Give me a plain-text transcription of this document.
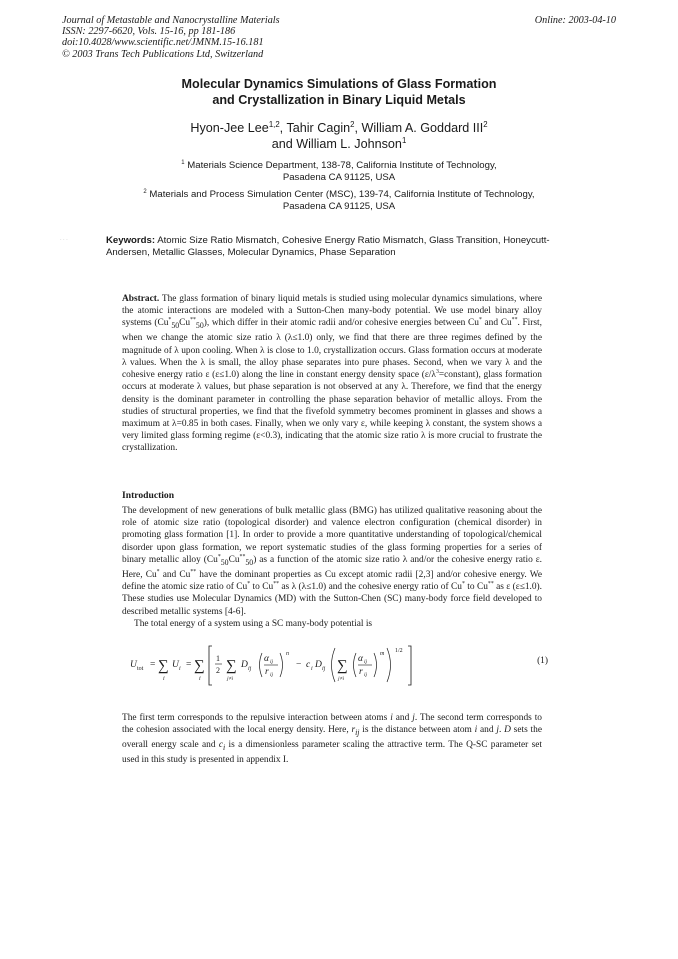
Journal of Metastable and Nanocrystalline Materials
ISSN: 2297-6620, Vols. 15-16, pp 181-186
doi:10.4028/www.scientific.net/JMNM.15-16.181
© 2003 Trans Tech Publications Ltd, Switzerland
Online: 2003-04-10
Molecular Dynamics Simulations of Glass Formation
and Crystallization in Binary Liquid Metals
Hyon-Jee Lee$^{1,2}$, Tahir Cagin$^2$, William A. Goddard III$^2$
and William L. Johnson$^1$
$^1$ Materials Science Department, 138-78, California Institute of Technology,
Pasadena CA 91125, USA
$^2$ Materials and Process Simulation Center (MSC), 139-74, California Institute of Technology,
Pasadena CA 91125, USA
· · ·	Keywords: Atomic Size Ratio Mismatch, Cohesive Energy Ratio Mismatch, Glass Transition, Honeycutt-Andersen, Metallic Glasses, Molecular Dynamics, Phase Separation
Abstract. The glass formation of binary liquid metals is studied using molecular dynamics simulations, where the atomic interactions are modeled with a Sutton-Chen many-body potential. We use model binary alloy systems $(Cu^*_{50}Cu^{**}_{50})$, which differ in their atomic radii and/or cohesive energies between Cu* and Cu**. First, when we change the atomic size ratio λ (λ≤1.0) only, we find that there are three regimes defined by the magnitude of λ upon cooling. When λ is close to 1.0, crystallization occurs. Glass formation occurs at moderate λ values. When the λ is small, the alloy phase separates into pure phases. Second, when we vary λ and the cohesive energy ratio ε (ε≤1.0) along the line in constant energy density space $(\varepsilon/\lambda^3=constant)$, glass formation occurs at moderate λ values, but phase separation is not observed at any λ. Therefore, we find that the energy density is the dominant parameter in controlling the phase separation behavior of metallic alloys. From the studies of structural properties, we find that the fivefold symmetry becomes prominent in glasses and shows a maximum at λ=0.85 in both cases. Finally, when we only vary ε, while keeping λ constant, the system shows a very limited glass forming regime (ε<0.3), indicating that the atomic size ratio λ is more crucial to frustrate the crystallization.
Introduction

The development of new generations of bulk metallic glass (BMG) has utilized qualitative reasoning about the role of atomic size ratio (topological disorder) and valence electron configuration (chemical disorder) in promoting glass formation [1]. In order to provide a more quantitative understanding of topological/chemical disorder upon glass formation, we report systematic studies of the glass forming properties for a series of binary metallic alloy $(Cu^*_{50}Cu^{**}_{50})$ as a function of the atomic size ratio λ and/or the cohesive energy ratio ε. Here, Cu* and Cu** have the dominant properties as Cu except atomic radii [2,3] and/or cohesive energy. We define the atomic size ratio of Cu* to Cu** as λ (λ≤1.0) and the cohesive energy ratio of Cu* to Cu** as ε (ε≤1.0). These studies use Molecular Dynamics (MD) with the Sutton-Chen (SC) many-body force field developed to described metallic systems [4-6].

The total energy of a system using a SC many-body potential is

U tot = ∑
i
U i = ∑
i
1
2 ∑
j≠i
D ij
α ij
r ij
n
− c i D ij ∑
j≠i
α ij
r ij
m 1/2
(1)

The first term corresponds to the repulsive interaction between atoms i and j. The second term corresponds to the cohesion associated with the local energy density. Here, $r_{ij}$ is the distance between atom i and j. D sets the overall energy scale and $c_i$ is a dimensionless parameter scaling the attractive term. The Q-SC parameter set used in this study is presented in appendix I.
